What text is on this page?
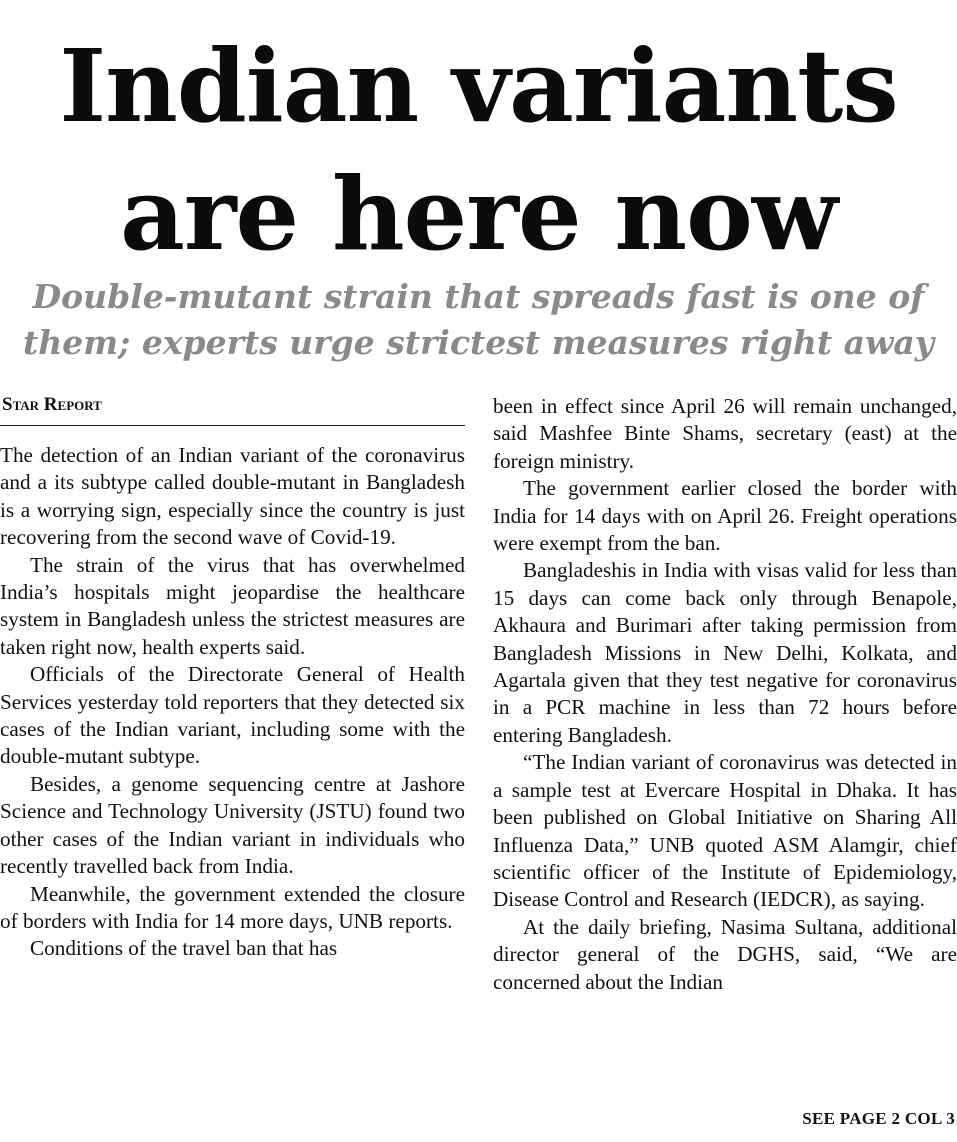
Indian variants
are here now
Double-mutant strain that spreads fast is one of
them; experts urge strictest measures right away
Star Report

The detection of an Indian variant of the coronavirus and a its subtype called double-mutant in Bangladesh is a worrying sign, especially since the country is just recovering from the second wave of Covid-19.

The strain of the virus that has overwhelmed India’s hospitals might jeopardise the healthcare system in Bangladesh unless the strictest measures are taken right now, health experts said.

Officials of the Directorate General of Health Services yesterday told reporters that they detected six cases of the Indian variant, including some with the double-mutant subtype.

Besides, a genome sequencing centre at Jashore Science and Technology University (JSTU) found two other cases of the Indian variant in individuals who recently travelled back from India.

Meanwhile, the government extended the closure of borders with India for 14 more days, UNB reports.

Conditions of the travel ban that has

been in effect since April 26 will remain unchanged, said Mashfee Binte Shams, secretary (east) at the foreign ministry.

The government earlier closed the border with India for 14 days with on April 26. Freight operations were exempt from the ban.

Bangladeshis in India with visas valid for less than 15 days can come back only through Benapole, Akhaura and Burimari after taking permission from Bangladesh Missions in New Delhi, Kolkata, and Agartala given that they test negative for coronavirus in a PCR machine in less than 72 hours before entering Bangladesh.

“The Indian variant of coronavirus was detected in a sample test at Evercare Hospital in Dhaka. It has been published on Global Initiative on Sharing All Influenza Data,” UNB quoted ASM Alamgir, chief scientific officer of the Institute of Epidemiology, Disease Control and Research (IEDCR), as saying.

At the daily briefing, Nasima Sultana, additional director general of the DGHS, said, “We are concerned about the Indian

SEE PAGE 2 COL 3
